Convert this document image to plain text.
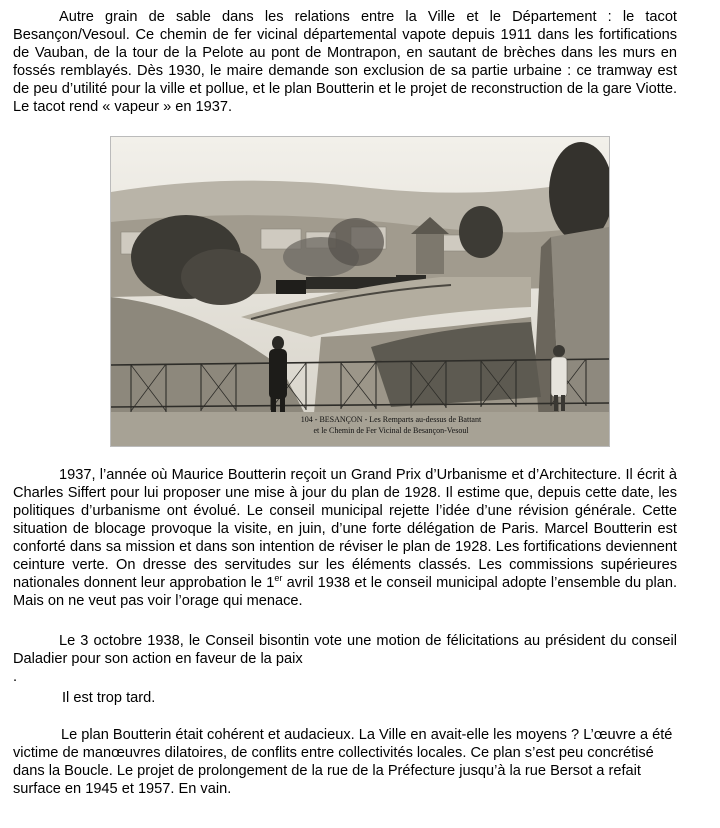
Autre grain de sable dans les relations entre la Ville et le Département : le tacot Besançon/Vesoul. Ce chemin de fer vicinal départemental vapote depuis 1911 dans les fortifications de Vauban, de la tour de la Pelote au pont de Montrapon, en sautant de brèches dans les murs en fossés remblayés. Dès 1930, le maire demande son exclusion de sa partie urbaine : ce tramway est de peu d’utilité pour la ville et pollue, et le plan Boutterin et le projet de reconstruction de la gare Viotte. Le tacot rend « vapeur » en 1937.

104 - BESANÇON - Les Remparts au-dessus de Battant
et le Chemin de Fer Vicinal de Besançon-Vesoul

1937, l’année où Maurice Boutterin reçoit un Grand Prix d’Urbanisme et d’Architecture. Il écrit à Charles Siffert pour lui proposer une mise à jour du plan de 1928. Il estime que, depuis cette date, les politiques d’urbanisme ont évolué. Le conseil municipal rejette l’idée d’une révision générale. Cette situation de blocage provoque la visite, en juin, d’une forte délégation de Paris. Marcel Boutterin est conforté dans sa mission et dans son intention de réviser le plan de 1928. Les fortifications deviennent ceinture verte. On dresse des servitudes sur les éléments classés. Les commissions supérieures nationales donnent leur approbation le 1er avril 1938 et le conseil municipal adopte l’ensemble du plan. Mais on ne veut pas voir l’orage qui menace.

Le 3 octobre 1938, le Conseil bisontin vote une motion de félicitations au président du conseil Daladier pour son action en faveur de la paix

.

Il est trop tard.

Le plan Boutterin était cohérent et audacieux. La Ville en avait-elle les moyens ? L’œuvre a été victime de manœuvres dilatoires, de conflits entre collectivités locales. Ce plan s’est peu concrétisé dans la Boucle. Le projet de prolongement de la rue de la Préfecture jusqu’à la rue Bersot a refait surface en 1945 et 1957. En vain.
